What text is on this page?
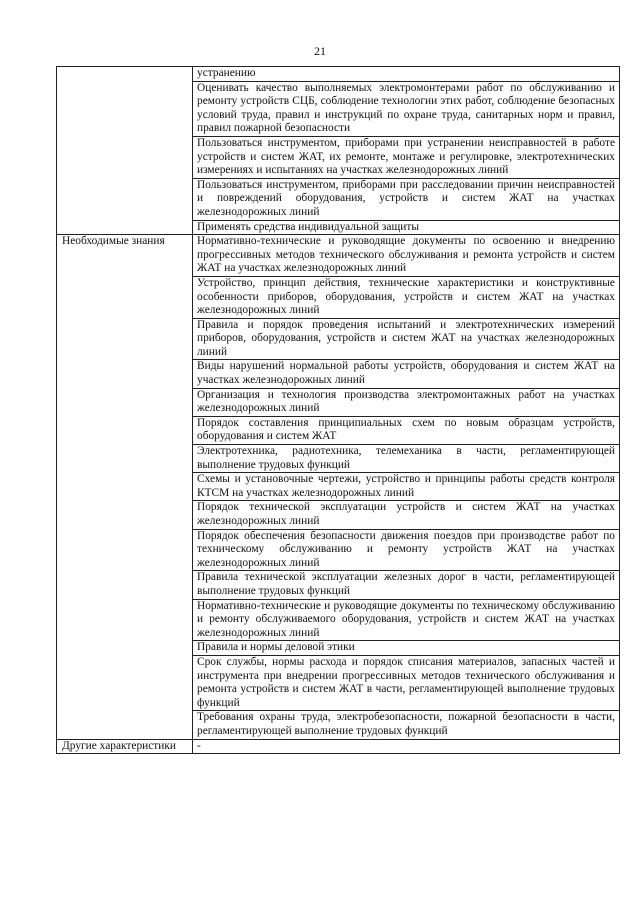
21
	устранению
	Оценивать качество выполняемых электромонтерами работ по обслуживанию и ремонту устройств СЦБ, соблюдение технологии этих работ, соблюдение безопасных условий труда, правил и инструкций по охране труда, санитарных норм и правил, правил пожарной безопасности
	Пользоваться инструментом, приборами при устранении неисправностей в работе устройств и систем ЖАТ, их ремонте, монтаже и регулировке, электротехнических измерениях и испытаниях на участках железнодорожных линий
	Пользоваться инструментом, приборами при расследовании причин неисправностей и повреждений оборудования, устройств и систем ЖАТ на участках железнодорожных линий
	Применять средства индивидуальной защиты
Необходимые знания	Нормативно-технические и руководящие документы по освоению и внедрению прогрессивных методов технического обслуживания и ремонта устройств и систем ЖАТ на участках железнодорожных линий
	Устройство, принцип действия, технические характеристики и конструктивные особенности приборов, оборудования, устройств и систем ЖАТ на участках железнодорожных линий
	Правила и порядок проведения испытаний и электротехнических измерений приборов, оборудования, устройств и систем ЖАТ на участках железнодорожных линий
	Виды нарушений нормальной работы устройств, оборудования и систем ЖАТ на участках железнодорожных линий
	Организация и технология производства электромонтажных работ на участках железнодорожных линий
	Порядок составления принципиальных схем по новым образцам устройств, оборудования и систем ЖАТ
	Электротехника, радиотехника, телемеханика в части, регламентирующей выполнение трудовых функций
	Схемы и установочные чертежи, устройство и принципы работы средств контроля КТСМ на участках железнодорожных линий
	Порядок технической эксплуатации устройств и систем ЖАТ на участках железнодорожных линий
	Порядок обеспечения безопасности движения поездов при производстве работ по техническому обслуживанию и ремонту устройств ЖАТ на участках железнодорожных линий
	Правила технической эксплуатации железных дорог в части, регламентирующей выполнение трудовых функций
	Нормативно-технические и руководящие документы по техническому обслуживанию и ремонту обслуживаемого оборудования, устройств и систем ЖАТ на участках железнодорожных линий
	Правила и нормы деловой этики
	Срок службы, нормы расхода и порядок списания материалов, запасных частей и инструмента при внедрении прогрессивных методов технического обслуживания и ремонта устройств и систем ЖАТ в части, регламентирующей выполнение трудовых функций
	Требования охраны труда, электробезопасности, пожарной безопасности в части, регламентирующей выполнение трудовых функций
Другие характеристики	-
